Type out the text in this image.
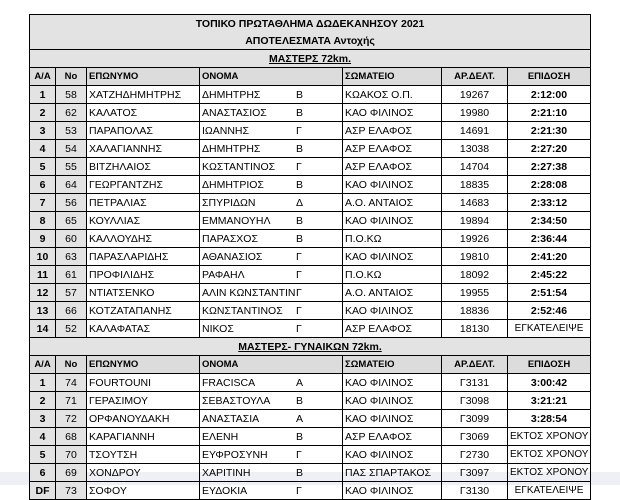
ΤΟΠΙΚΟ ΠΡΩΤΑΘΛΗΜΑ ΔΩΔΕΚΑΝΗΣΟΥ 2021						
ΑΠΟΤΕΛΕΣΜΑΤΑ Αντοχής						
ΜΑΣΤΕΡΣ 72km.						
Α/Α	No	ΕΠΩΝΥΜΟ	ΟΝΟΜΑ	ΣΩΜΑΤΕΙΟ	ΑΡ.ΔΕΛΤ.	ΕΠΙΔΟΣΗ
1	58	ΧΑΤΖΗΔΗΜΗΤΡΗΣ	ΔΗΜΗΤΡΗΣ Β	ΚΩΑΚΟΣ Ο.Π.	19267	2:12:00
2	62	ΚΑΛΑΤΟΣ	ΑΝΑΣΤΑΣΙΟΣ Β	ΚΑΟ ΦΙΛΙΝΟΣ	19980	2:21:10
3	53	ΠΑΡΑΠΟΛΑΣ	ΙΩΑΝΝΗΣ Γ	ΑΣΡ ΕΛΑΦΟΣ	14691	2:21:30
4	54	ΧΑΛΑΓΙΑΝΝΗΣ	ΔΗΜΗΤΡΗΣ Β	ΑΣΡ ΕΛΑΦΟΣ	13038	2:27:20
5	55	ΒΙΤΖΗΛΑΙΟΣ	ΚΩΣΤΑΝΤΙΝΟΣ Γ	ΑΣΡ ΕΛΑΦΟΣ	14704	2:27:38
6	64	ΓΕΩΡΓΑΝΤΖΗΣ	ΔΗΜΗΤΡΙΟΣ Β	ΚΑΟ ΦΙΛΙΝΟΣ	18835	2:28:08
7	56	ΠΕΤΡΑΛΙΑΣ	ΣΠΥΡΙΔΩΝ Δ	Α.Ο. ΑΝΤΑΙΟΣ	14683	2:33:12
8	65	ΚΟΥΛΛΙΑΣ	ΕΜΜΑΝΟΥΗΛ Β	ΚΑΟ ΦΙΛΙΝΟΣ	19894	2:34:50
9	60	ΚΑΛΛΟΥΔΗΣ	ΠΑΡΑΣΧΟΣ Β	Π.Ο.ΚΩ	19926	2:36:44
10	63	ΠΑΡΑΣΛΑΡΙΔΗΣ	ΑΘΑΝΑΣΙΟΣ Γ	ΚΑΟ ΦΙΛΙΝΟΣ	19810	2:41:20
11	61	ΠΡΟΦΙΛΙΔΗΣ	ΡΑΦΑΗΛ Γ	Π.Ο.ΚΩ	18092	2:45:22
12	57	ΝΤΙΑΤΣΕΝΚΟ	ΑΛΙΝ ΚΩΝΣΤΑΝΤΙΝΓ	Α.Ο. ΑΝΤΑΙΟΣ	19955	2:51:54
13	66	ΚΟΤΖΑΤΑΠΑΝΗΣ	ΚΩΝΣΤΑΝΤΙΝΟΣ Γ	ΚΑΟ ΦΙΛΙΝΟΣ	18836	2:52:46
14	52	ΚΑΛΑΦΑΤΑΣ	ΝΙΚΟΣ Γ	ΑΣΡ ΕΛΑΦΟΣ	18130	ΕΓΚΑΤΕΛΕΙΨΕ
ΜΑΣΤΕΡΣ- ΓΥΝΑΙΚΩΝ 72km.						
Α/Α	No	ΕΠΩΝΥΜΟ	ΟΝΟΜΑ	ΣΩΜΑΤΕΙΟ	ΑΡ.ΔΕΛΤ.	ΕΠΙΔΟΣΗ
1	74	FOURTOUNI	FRACISCA Α	ΚΑΟ ΦΙΛΙΝΟΣ	Γ3131	3:00:42
2	71	ΓΕΡΑΣΙΜΟΥ	ΣΕΒΑΣΤΟΥΛΑ Β	ΚΑΟ ΦΙΛΙΝΟΣ	Γ3098	3:21:21
3	72	ΟΡΦΑΝΟΥΔΑΚΗ	ΑΝΑΣΤΑΣΙΑ Α	ΚΑΟ ΦΙΛΙΝΟΣ	Γ3099	3:28:54
4	68	ΚΑΡΑΓΙΑΝΝΗ	ΕΛΕΝΗ Β	ΑΣΡ ΕΛΑΦΟΣ	Γ3069	ΕΚΤΟΣ ΧΡΟΝΟΥ
5	70	ΤΣΟΥΤΣΗ	ΕΥΦΡΟΣΥΝΗ Γ	ΚΑΟ ΦΙΛΙΝΟΣ	Γ2730	ΕΚΤΟΣ ΧΡΟΝΟΥ
6	69	ΧΟΝΔΡΟΥ	ΧΑΡΙΤΙΝΗ Β	ΠΑΣ ΣΠΑΡΤΑΚΟΣ	Γ3097	ΕΚΤΟΣ ΧΡΟΝΟΥ
DF	73	ΣΟΦΟΥ	ΕΥΔΟΚΙΑ Γ	ΚΑΟ ΦΙΛΙΝΟΣ	Γ3130	ΕΓΚΑΤΕΛΕΙΨΕ
